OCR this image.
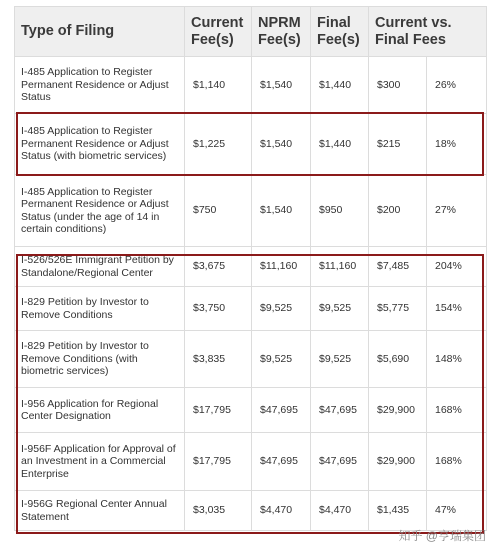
Type of Filing	Current Fee(s)	NPRM Fee(s)	Final Fee(s)	Current vs. Final Fees	
I-485 Application to Register Permanent Residence or Adjust Status	$1,140	$1,540	$1,440	$300	26%
I-485 Application to Register Permanent Residence or Adjust Status (with biometric services)	$1,225	$1,540	$1,440	$215	18%
I-485 Application to Register Permanent Residence or Adjust Status (under the age of 14 in certain conditions)	$750	$1,540	$950	$200	27%
I-526/526E Immigrant Petition by Standalone/Regional Center	$3,675	$11,160	$11,160	$7,485	204%
I-829 Petition by Investor to Remove Conditions	$3,750	$9,525	$9,525	$5,775	154%
I-829 Petition by Investor to Remove Conditions (with biometric services)	$3,835	$9,525	$9,525	$5,690	148%
I-956 Application for Regional Center Designation	$17,795	$47,695	$47,695	$29,900	168%
I-956F Application for Approval of an Investment in a Commercial Enterprise	$17,795	$47,695	$47,695	$29,900	168%
I-956G Regional Center Annual Statement	$3,035	$4,470	$4,470	$1,435	47%
知乎 @亨瑞集团
